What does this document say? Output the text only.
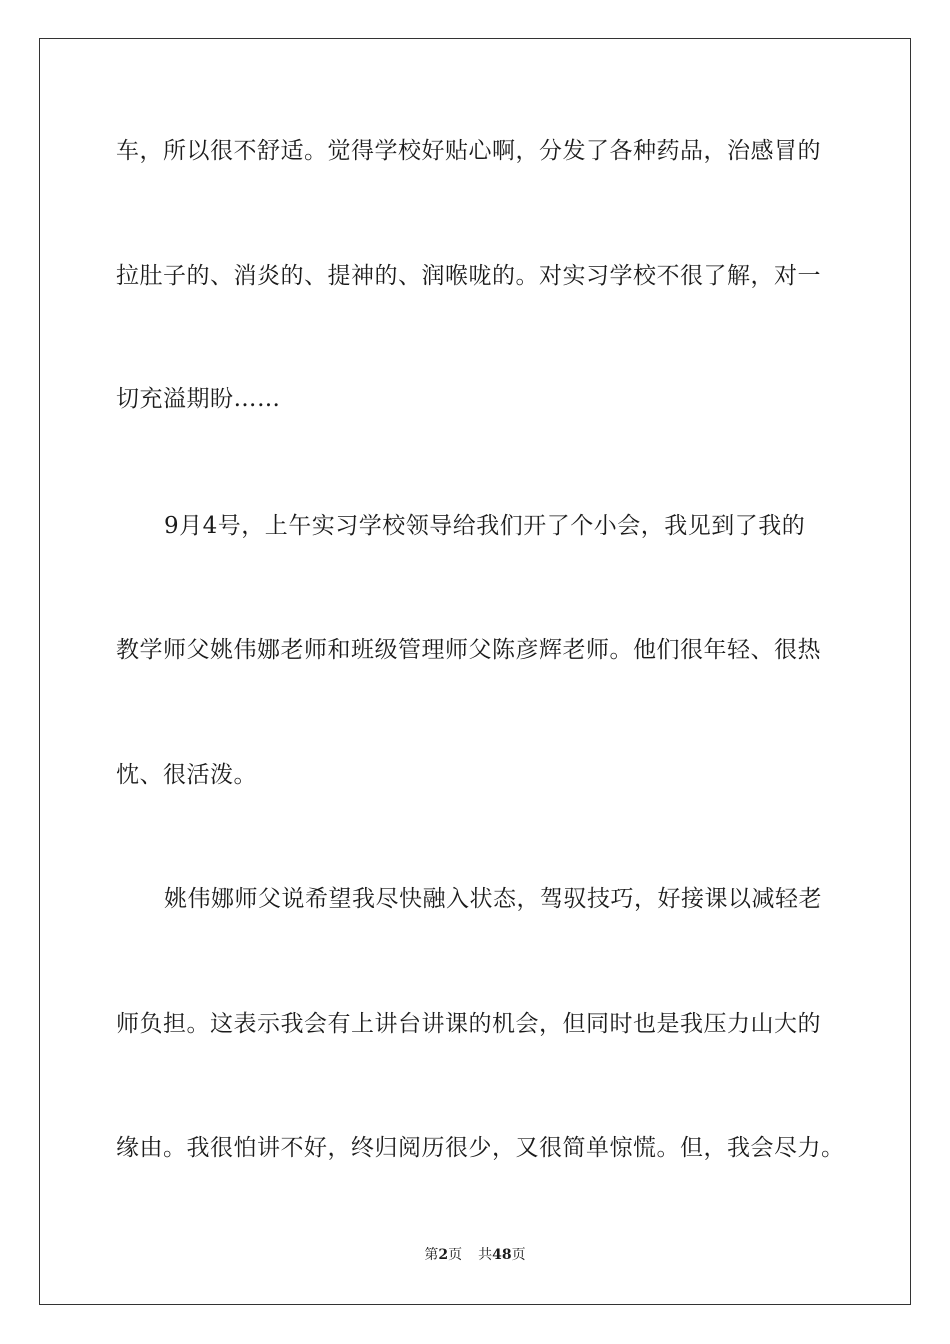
车，所以很不舒适。觉得学校好贴心啊，分发了各种药品，治感冒的
拉肚子的、消炎的、提神的、润喉咙的。对实习学校不很了解，对一
切充溢期盼……
9月4号，上午实习学校领导给我们开了个小会，我见到了我的
教学师父姚伟娜老师和班级管理师父陈彦辉老师。他们很年轻、很热
忱、很活泼。
姚伟娜师父说希望我尽快融入状态，驾驭技巧，好接课以减轻老
师负担。这表示我会有上讲台讲课的机会，但同时也是我压力山大的
缘由。我很怕讲不好，终归阅历很少，又很简单惊慌。但，我会尽力。
第2页 共48页
